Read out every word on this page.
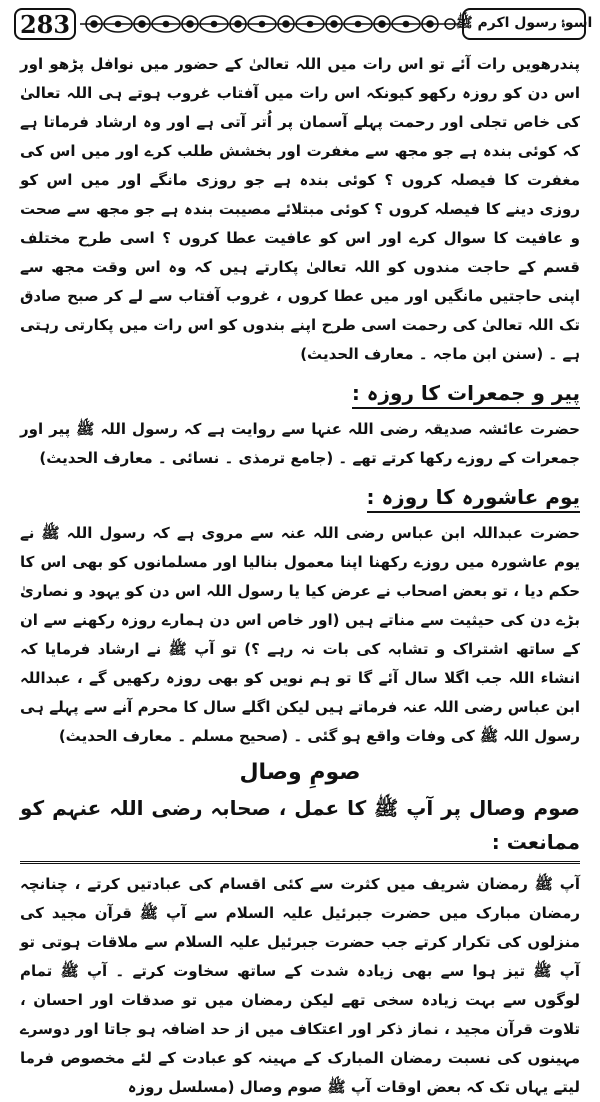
283	اسوۂ رسول اکرم ﷺ

پندرھویں رات آئے تو اس رات میں اللہ تعالیٰ کے حضور میں نوافل پڑھو اور اس دن کو روزہ رکھو کیونکہ اس رات میں آفتاب غروب ہوتے ہی اللہ تعالیٰ کی خاص تجلی اور رحمت پہلے آسمان پر اُتر آتی ہے اور وہ ارشاد فرماتا ہے کہ کوئی بندہ ہے جو مجھ سے مغفرت اور بخشش طلب کرے اور میں اس کی مغفرت کا فیصلہ کروں ؟ کوئی بندہ ہے جو روزی مانگے اور میں اس کو روزی دینے کا فیصلہ کروں ؟ کوئی مبتلائے مصیبت بندہ ہے جو مجھ سے صحت و عافیت کا سوال کرے اور اس کو عافیت عطا کروں ؟ اسی طرح مختلف قسم کے حاجت مندوں کو اللہ تعالیٰ پکارتے ہیں کہ وہ اس وقت مجھ سے اپنی حاجتیں مانگیں اور میں عطا کروں ، غروب آفتاب سے لے کر صبح صادق تک اللہ تعالیٰ کی رحمت اسی طرح اپنے بندوں کو اس رات میں پکارتی رہتی ہے ۔ (سنن ابن ماجہ ۔ معارف الحدیث)

پیر و جمعرات کا روزہ :

حضرت عائشہ صدیقہ رضی اللہ عنہا سے روایت ہے کہ رسول اللہ ﷺ پیر اور جمعرات کے روزے رکھا کرتے تھے ۔ (جامع ترمذی ۔ نسائی ۔ معارف الحدیث)

یوم عاشورہ کا روزہ :

حضرت عبداللہ ابن عباس رضی اللہ عنہ سے مروی ہے کہ رسول اللہ ﷺ نے یوم عاشورہ میں روزے رکھنا اپنا معمول بنالیا اور مسلمانوں کو بھی اس کا حکم دیا ، تو بعض اصحاب نے عرض کیا یا رسول اللہ اس دن کو یہود و نصاریٰ بڑے دن کی حیثیت سے مناتے ہیں (اور خاص اس دن ہمارے روزہ رکھنے سے ان کے ساتھ اشتراک و تشابہ کی بات نہ رہے ؟) تو آپ ﷺ نے ارشاد فرمایا کہ انشاء اللہ جب اگلا سال آئے گا تو ہم نویں کو بھی روزہ رکھیں گے ، عبداللہ ابن عباس رضی اللہ عنہ فرماتے ہیں لیکن اگلے سال کا محرم آنے سے پہلے ہی رسول اللہ ﷺ کی وفات واقع ہو گئی ۔ (صحیح مسلم ۔ معارف الحدیث)

صومِ وصال
صوم وصال پر آپ ﷺ کا عمل ، صحابہ رضی اللہ عنہم کو ممانعت :

آپ ﷺ رمضان شریف میں کثرت سے کئی اقسام کی عبادتیں کرتے ، چنانچہ رمضان مبارک میں حضرت جبرئیل علیہ السلام سے آپ ﷺ قرآن مجید کی منزلوں کی تکرار کرتے جب حضرت جبرئیل علیہ السلام سے ملاقات ہوتی تو آپ ﷺ تیز ہوا سے بھی زیادہ شدت کے ساتھ سخاوت کرتے ۔ آپ ﷺ تمام لوگوں سے بہت زیادہ سخی تھے لیکن رمضان میں تو صدقات اور احسان ، تلاوت قرآن مجید ، نماز ذکر اور اعتکاف میں از حد اضافہ ہو جاتا اور دوسرے مہینوں کی نسبت رمضان المبارک کے مہینہ کو عبادت کے لئے مخصوص فرما لیتے یہاں تک کہ بعض اوقات آپ ﷺ صوم وصال (مسلسل روزہ
